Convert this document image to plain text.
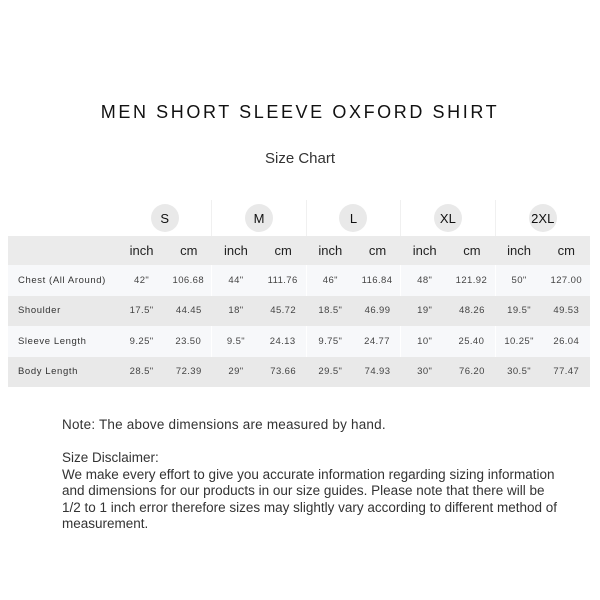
MEN SHORT SLEEVE OXFORD SHIRT
Size Chart
S	M	L	XL	2XL
inch	cm	inch	cm	inch	cm	inch	cm	inch	cm
Chest (All Around)	42"	106.68	44"	111.76	46"	116.84	48"	121.92	50"	127.00
Shoulder	17.5"	44.45	18"	45.72	18.5"	46.99	19"	48.26	19.5"	49.53
Sleeve Length	9.25"	23.50	9.5"	24.13	9.75"	24.77	10"	25.40	10.25"	26.04
Body Length	28.5"	72.39	29"	73.66	29.5"	74.93	30"	76.20	30.5"	77.47
Note: The above dimensions are measured by hand.

Size Disclaimer:

We make every effort to give you accurate information regarding sizing information and dimensions for our products in our size guides. Please note that there will be 1/2 to 1 inch error therefore sizes may slightly vary according to different method of measurement.
